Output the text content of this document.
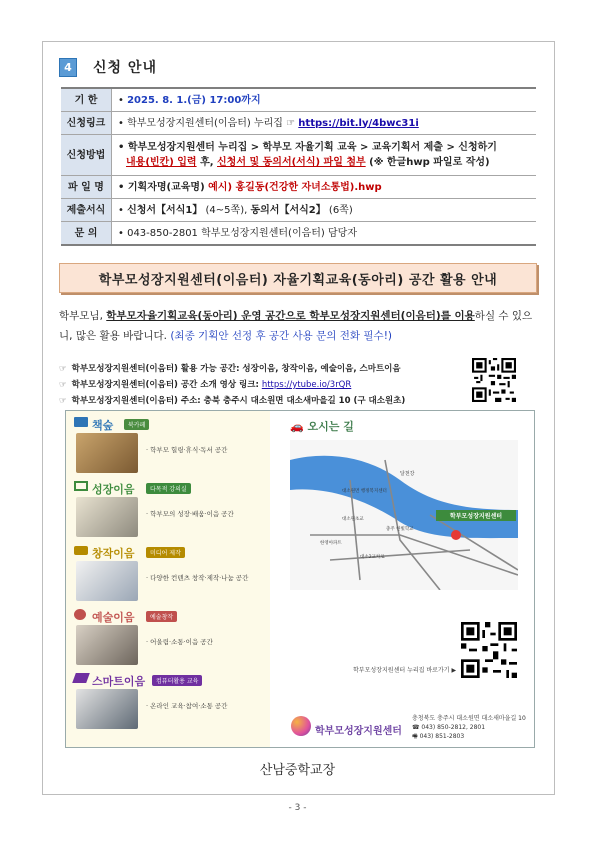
4	신청 안내
기 한	• 2025. 8. 1.(금) 17:00까지
신청링크	• 학부모성장지원센터(이음터) 누리집 ☞ https://bit.ly/4bwc31i
신청방법	• 학부모성장지원센터 누리집 > 학부모 자율기획 교육 > 교육기획서 제출 > 신청하기
내용(빈칸) 입력 후, 신청서 및 동의서(서식) 파일 첨부 (※ 한글hwp 파일로 작성)

파 일 명	• 기획자명(교육명) 예시) 홍길동(건강한 자녀소통법).hwp
제출서식	• 신청서【서식1】 (4~5쪽), 동의서【서식2】 (6쪽)
문 의	• 043-850-2801 학부모성장지원센터(이음터) 담당자
학부모성장지원센터(이음터) 자율기획교육(동아리) 공간 활용 안내
학부모님, 학부모자율기획교육(동아리) 운영 공간으로 학부모성장지원센터(이음터)를 이용하실 수 있으니, 많은 활용 바랍니다. (최종 기획안 선정 후 공간 사용 문의 전화 필수!)
☞ 학부모성장지원센터(이음터) 활용 가능 공간: 성장이음, 창작이음, 예술이음, 스마트이음
☞ 학부모성장지원센터(이음터) 공간 소개 영상 링크: https://ytube.io/3rQR
☞ 학부모성장지원센터(이음터) 주소: 충북 충주시 대소원면 대소새마을길 10 (구 대소원초)
책숲	북카페
· 학부모 힐링·휴식·독서 공간
성장이음	다목적 강의실
· 학부모의 성장·배움·이음 공간
창작이음	미디어 제작
· 다양한 컨텐츠 창작·제작·나눔 공간
예술이음	예술창작
· 어울림·소통·이음 공간
스마트이음	컴퓨터활용 교육
· 온라인 교육·참여·소통 공간
🚗 오시는 길
학부모성장지원센터
달천강
대소원면 행정복지센터
대소원초교
충주 한빛학교
한영아파트
대소2교차로
학부모성장지원센터 누리집 바로가기 ▶
학부모성장지원센터
충청북도 충주시 대소원면 대소새마을길 10
☎ 043) 850-2812, 2801
🖷 043) 851-2803
산남중학교장
- 3 -
